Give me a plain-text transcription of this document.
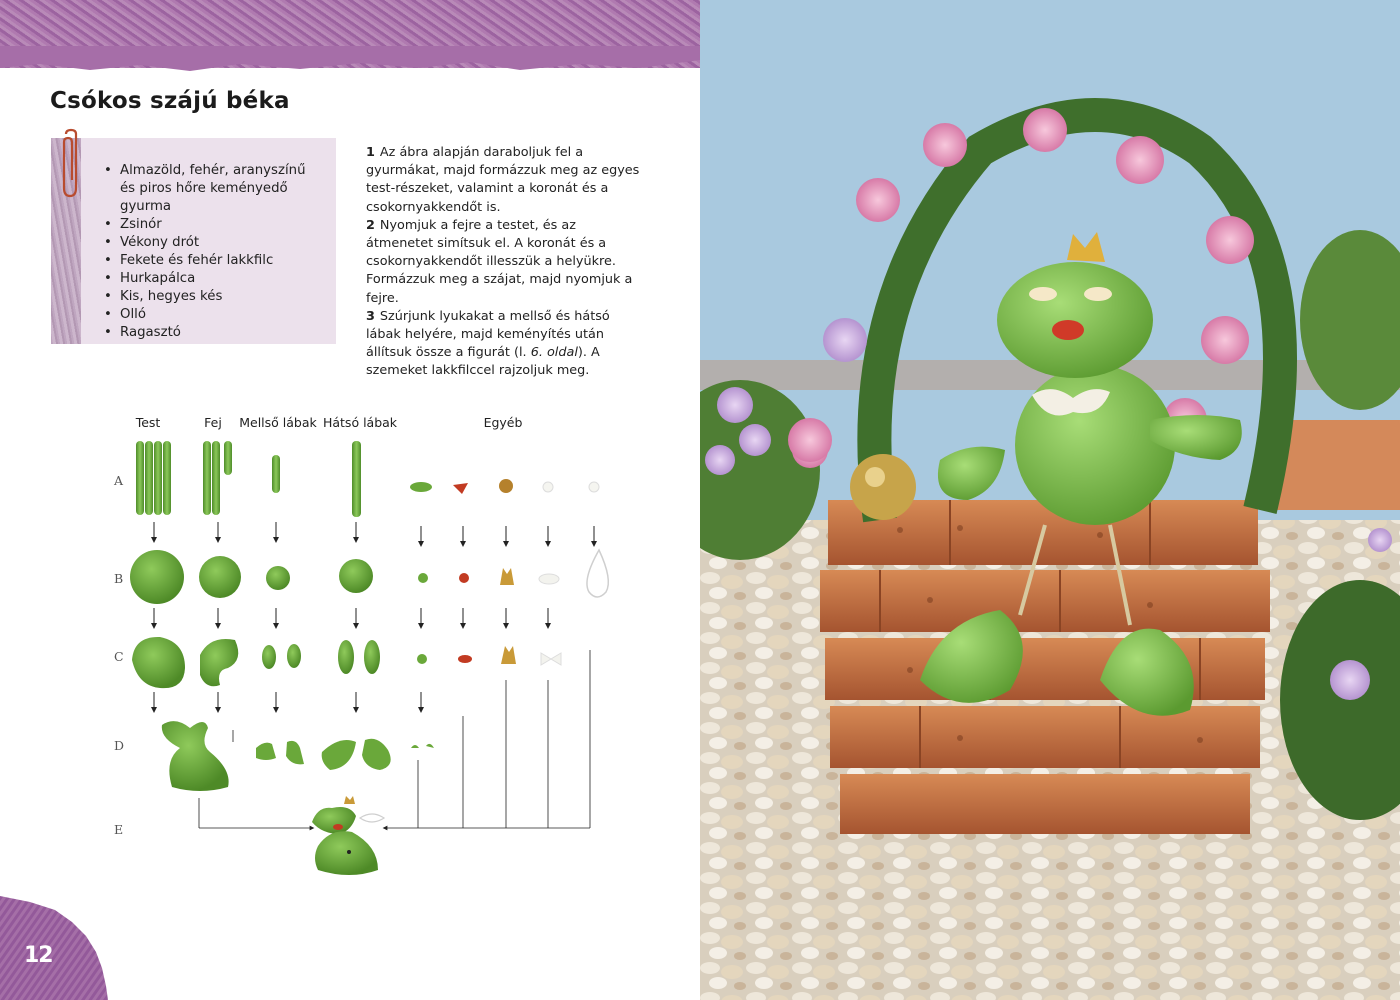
Csókos szájú béka
• Almazöld, fehér, aranyszínű és piros hőre keményedő gyurma
• Zsinór
• Vékony drót
• Fekete és fehér lakkfilc
• Hurkapálca
• Kis, hegyes kés
• Olló
• Ragasztó

1 Az ábra alapján daraboljuk fel a gyurmákat, majd formázzuk meg az egyes test-részeket, valamint a koronát és a csokornyakkendőt is.

2 Nyomjuk a fejre a testet, és az átmenetet simítsuk el. A koronát és a csokornyakkendőt illesszük a helyükre. Formázzuk meg a szájat, majd nyomjuk a fejre.

3 Szúrjunk lyukakat a mellső és hátsó lábak helyére, majd keményítés után állítsuk össze a figurát (l. 6. oldal). A szemeket lakkfilccel rajzoljuk meg.

Test	Fej	Mellső lábak Hátsó lábak	Egyéb
A
B
C
D
E
12
